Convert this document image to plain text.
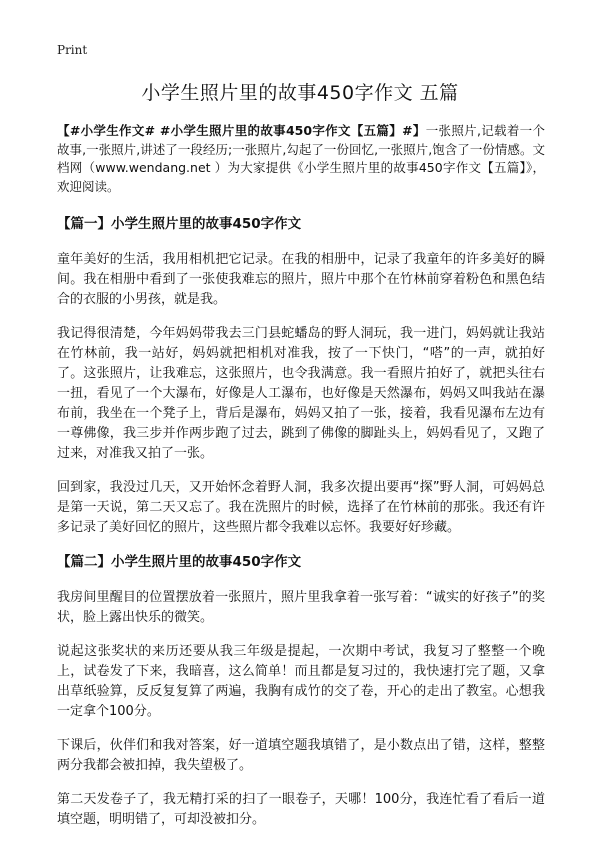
Print
小学生照片里的故事450字作文 五篇

【#小学生作文# #小学生照片里的故事450字作文【五篇】#】一张照片,记载着一个故事,一张照片,讲述了一段经历;一张照片,勾起了一份回忆,一张照片,饱含了一份情感。文档网（www.wendang.net ）为大家提供《小学生照片里的故事450字作文【五篇】》，欢迎阅读。

【篇一】小学生照片里的故事450字作文

童年美好的生活，我用相机把它记录。在我的相册中，记录了我童年的许多美好的瞬间。我在相册中看到了一张使我难忘的照片，照片中那个在竹林前穿着粉色和黑色结合的衣服的小男孩，就是我。

我记得很清楚，今年妈妈带我去三门县蛇蟠岛的野人洞玩，我一进门，妈妈就让我站在竹林前，我一站好，妈妈就把相机对准我，按了一下快门，“嗒”的一声，就拍好了。这张照片，让我难忘，这张照片，也令我满意。我一看照片拍好了，就把头往右一扭，看见了一个大瀑布，好像是人工瀑布，也好像是天然瀑布，妈妈又叫我站在瀑布前，我坐在一个凳子上，背后是瀑布，妈妈又拍了一张，接着，我看见瀑布左边有一尊佛像，我三步并作两步跑了过去，跳到了佛像的脚趾头上，妈妈看见了，又跑了过来，对准我又拍了一张。

回到家，我没过几天，又开始怀念着野人洞，我多次提出要再“探”野人洞，可妈妈总是第一天说，第二天又忘了。我在洗照片的时候，选择了在竹林前的那张。我还有许多记录了美好回忆的照片，这些照片都令我难以忘怀。我要好好珍藏。

【篇二】小学生照片里的故事450字作文

我房间里醒目的位置摆放着一张照片，照片里我拿着一张写着：“诚实的好孩子”的奖状，脸上露出快乐的微笑。

说起这张奖状的来历还要从我三年级是提起，一次期中考试，我复习了整整一个晚上，试卷发了下来，我暗喜，这么简单！而且都是复习过的，我快速打完了题，又拿出草纸验算，反反复复算了两遍，我胸有成竹的交了卷，开心的走出了教室。心想我一定拿个100分。

下课后，伙伴们和我对答案，好一道填空题我填错了，是小数点出了错，这样，整整两分我都会被扣掉，我失望极了。

第二天发卷子了，我无精打采的扫了一眼卷子，天哪！100分，我连忙看了看后一道填空题，明明错了，可却没被扣分。
